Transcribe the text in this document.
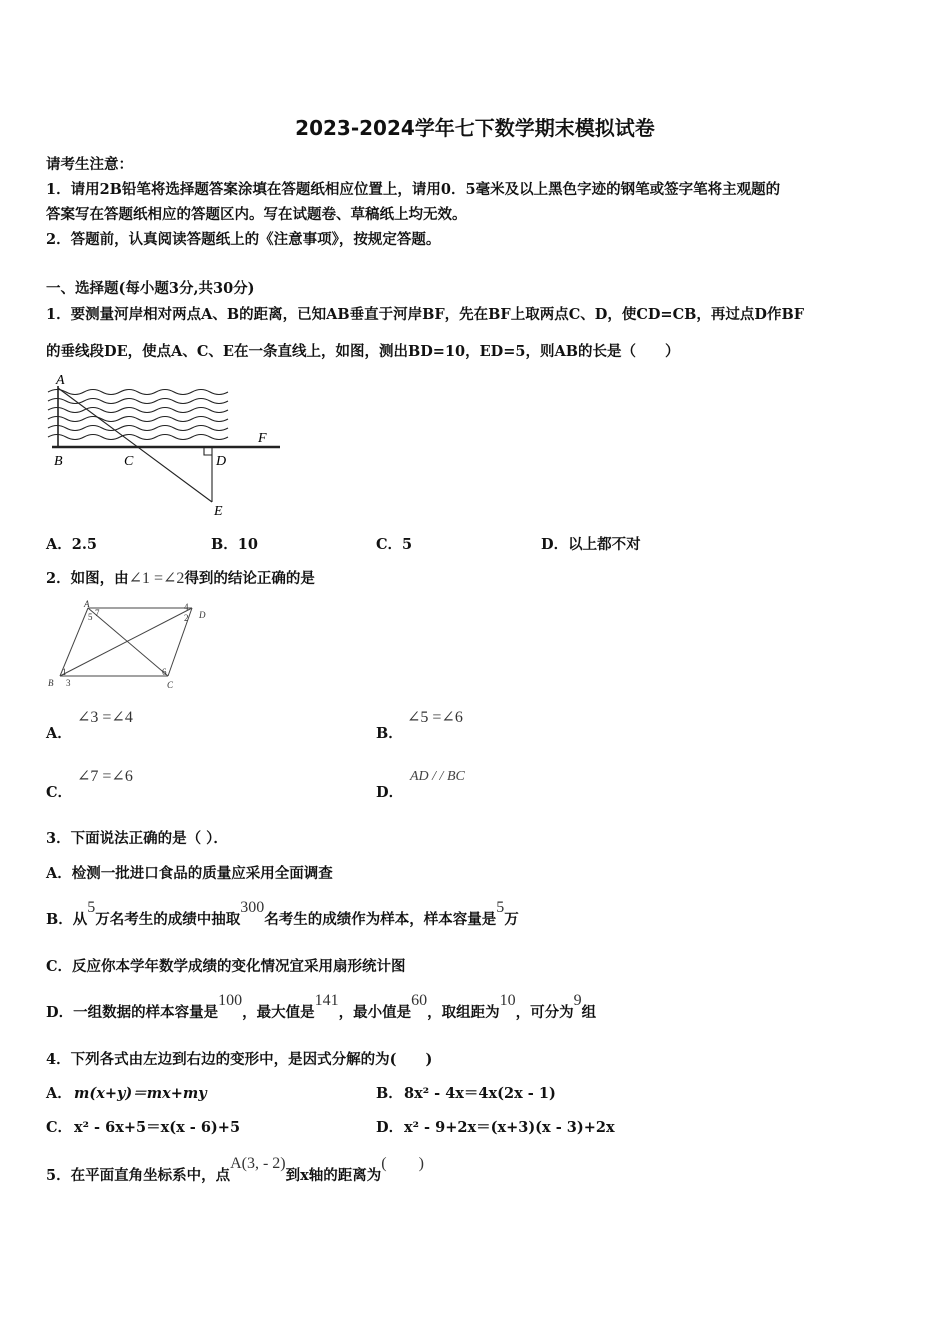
2023-2024学年七下数学期末模拟试卷
请考生注意：
1．请用2B铅笔将选择题答案涂填在答题纸相应位置上，请用0．5毫米及以上黑色字迹的钢笔或签字笔将主观题的
答案写在答题纸相应的答题区内。写在试题卷、草稿纸上均无效。
2．答题前，认真阅读答题纸上的《注意事项》，按规定答题。
一、选择题(每小题3分,共30分)
1．要测量河岸相对两点A、B的距离，已知AB垂直于河岸BF，先在BF上取两点C、D，使CD=CB，再过点D作BF
的垂线段DE，使点A、C、E在一条直线上，如图，测出BD=10，ED=5，则AB的长是（　　）
A
B	C	D
E
F
A．2.5	B．10	C．5	D．以上都不对
2．如图，由∠1 =∠2得到的结论正确的是
A
B	C
D
1
2
3
4
5
6
7
A．
∠3 =∠4
B．
∠5 =∠6
C．
∠7 =∠6
D．
AD / / BC
3．下面说法正确的是（ ）．
A．检测一批进口食品的质量应采用全面调查
B．从5万名考生的成绩中抽取300名考生的成绩作为样本，样本容量是5万
C．反应你本学年数学成绩的变化情况宜采用扇形统计图
D．一组数据的样本容量是100，最大值是141，最小值是60，取组距为10，可分为9组
4．下列各式由左边到右边的变形中，是因式分解的为(　　)
A． m(x+y)＝mx+my	B． 8x² - 4x＝4x(2x - 1)
C． x² - 6x+5＝x(x - 6)+5	D． x² - 9+2x＝(x+3)(x - 3)+2x
5．在平面直角坐标系中，点A(3, - 2)到x轴的距离为(　　)
